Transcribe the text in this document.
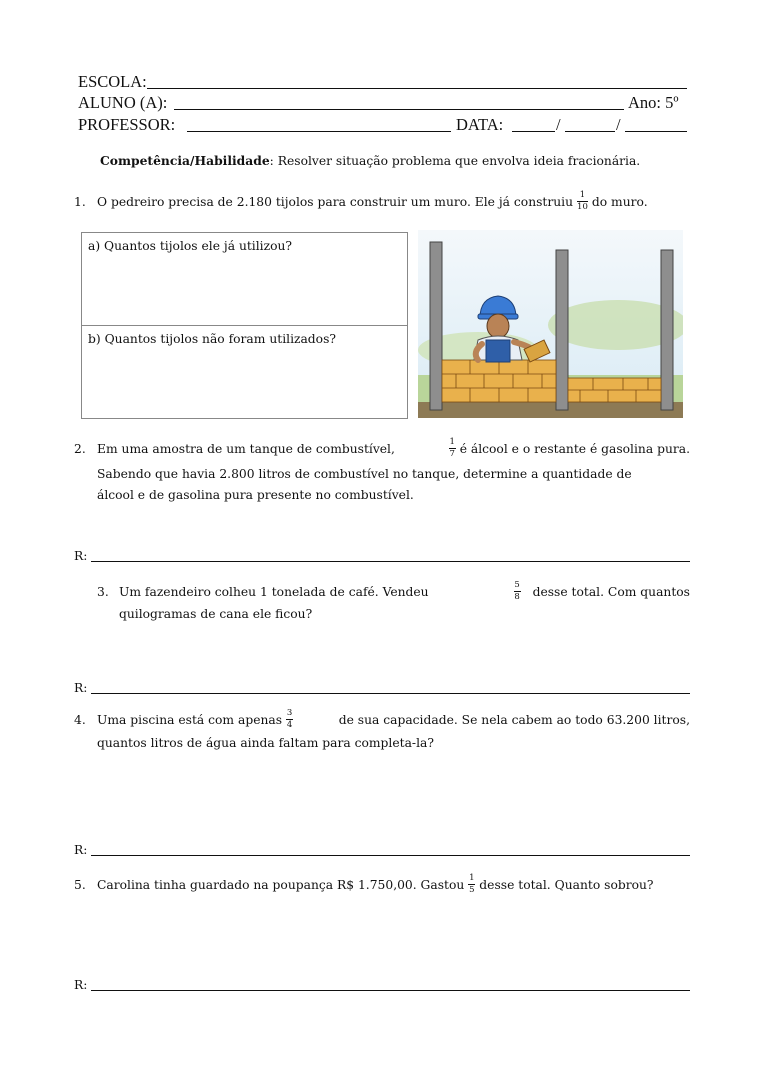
ESCOLA:
ALUNO (A):	Ano: 5º
PROFESSOR:	DATA:	/	/
Competência/Habilidade: Resolver situação problema que envolva ideia fracionária.
1. O pedreiro precisa de 2.180 tijolos para construir um muro. Ele já construiu $\frac{1}{10}$ do muro.
a) Quantos tijolos ele já utilizou?
b) Quantos tijolos não foram utilizados?
2. Em uma amostra de um tanque de combustível,	$\frac{1}{7}$ é álcool e o restante é gasolina pura.
Sabendo que havia 2.800 litros de combustível no tanque, determine a quantidade de
álcool e de gasolina pura presente no combustível.
R:
3. Um fazendeiro colheu 1 tonelada de café. Vendeu	$\frac{5}{8}$ desse total. Com quantos
quilogramas de cana ele ficou?
R:
4. Uma piscina está com apenas $\frac{3}{4}$	de sua capacidade. Se nela cabem ao todo 63.200 litros,
quantos litros de água ainda faltam para completa-la?
R:
5. Carolina tinha guardado na poupança R$ 1.750,00. Gastou $\frac{1}{5}$ desse total. Quanto sobrou?
R:
